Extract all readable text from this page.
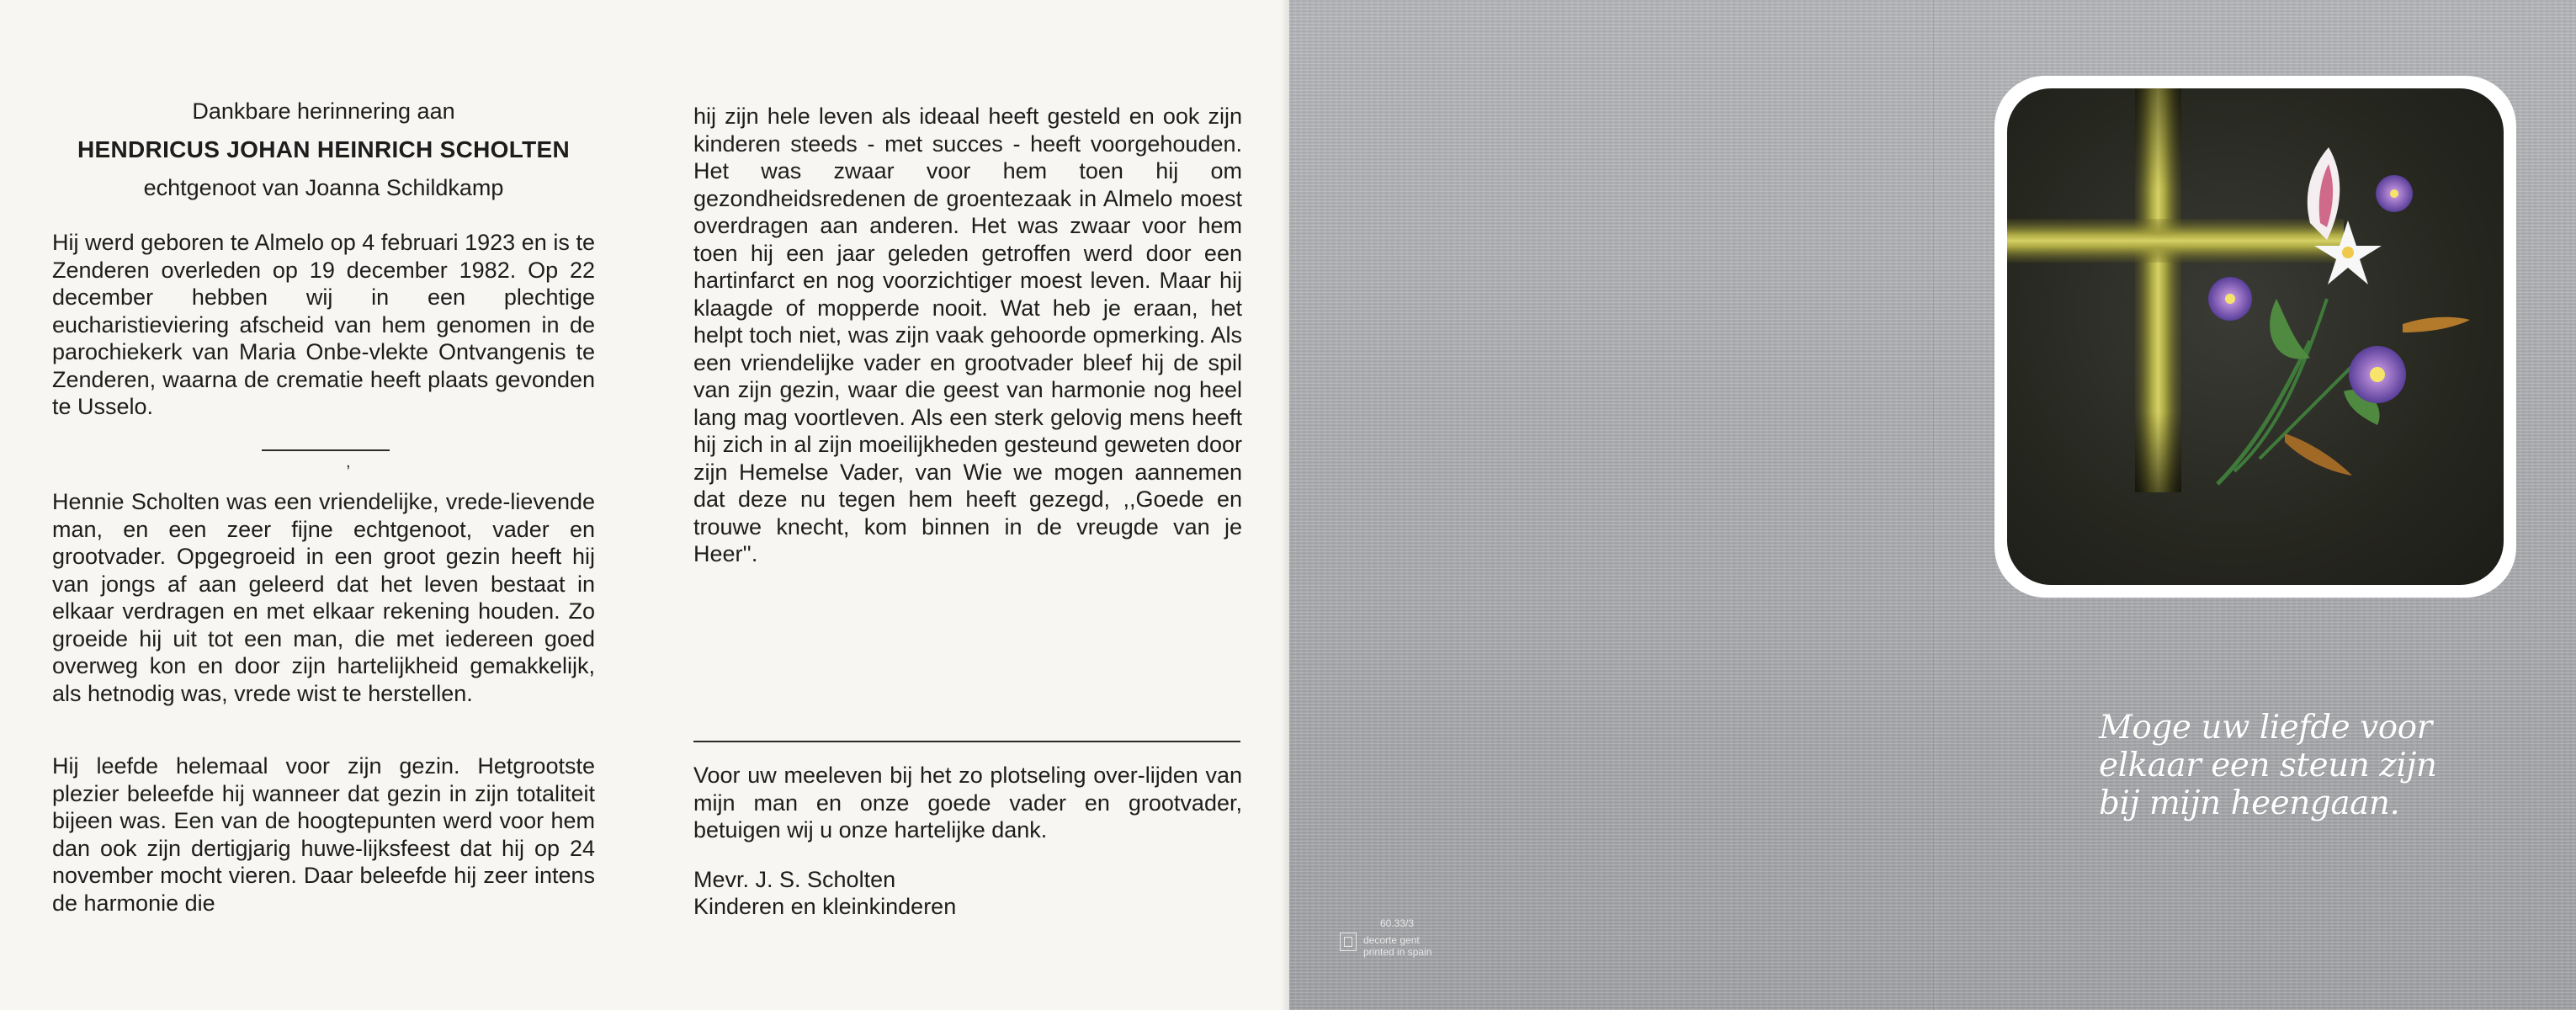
Dankbare herinnering aan
HENDRICUS JOHAN HEINRICH SCHOLTEN
echtgenoot van Joanna Schildkamp

Hij werd geboren te Almelo op 4 februari 1923 en is te Zenderen overleden op 19 december 1982. Op 22 december hebben wij in een plechtige eucharistieviering afscheid van hem genomen in de parochiekerk van Maria Onbe-vlekte Ontvangenis te Zenderen, waarna de crematie heeft plaats gevonden te Usselo.

,

Hennie Scholten was een vriendelijke, vrede-lievende man, en een zeer fijne echtgenoot, vader en grootvader. Opgegroeid in een groot gezin heeft hij van jongs af aan geleerd dat het leven bestaat in elkaar verdragen en met elkaar rekening houden. Zo groeide hij uit tot een man, die met iedereen goed overweg kon en door zijn hartelijkheid gemakkelijk, als hetnodig was, vrede wist te herstellen.

Hij leefde helemaal voor zijn gezin. Hetgrootste plezier beleefde hij wanneer dat gezin in zijn totaliteit bijeen was. Een van de hoogtepunten werd voor hem dan ook zijn dertigjarig huwe-lijksfeest dat hij op 24 november mocht vieren. Daar beleefde hij zeer intens de harmonie die

hij zijn hele leven als ideaal heeft gesteld en ook zijn kinderen steeds - met succes - heeft voorgehouden. Het was zwaar voor hem toen hij om gezondheidsredenen de groentezaak in Almelo moest overdragen aan anderen. Het was zwaar voor hem toen hij een jaar geleden getroffen werd door een hartinfarct en nog voorzichtiger moest leven. Maar hij klaagde of mopperde nooit. Wat heb je eraan, het helpt toch niet, was zijn vaak gehoorde opmerking. Als een vriendelijke vader en grootvader bleef hij de spil van zijn gezin, waar die geest van harmonie nog heel lang mag voortleven. Als een sterk gelovig mens heeft hij zich in al zijn moeilijkheden gesteund geweten door zijn Hemelse Vader, van Wie we mogen aannemen dat deze nu tegen hem heeft gezegd, ,,Goede en trouwe knecht, kom binnen in de vreugde van je Heer''.

Voor uw meeleven bij het zo plotseling over-lijden van mijn man en onze goede vader en grootvader, betuigen wij u onze hartelijke dank.

Mevr. J. S. Scholten
Kinderen en kleinkinderen
Moge uw liefde voor
elkaar een steun zijn
bij mijn heengaan.
60.33/3
decorte gent
printed in spain
